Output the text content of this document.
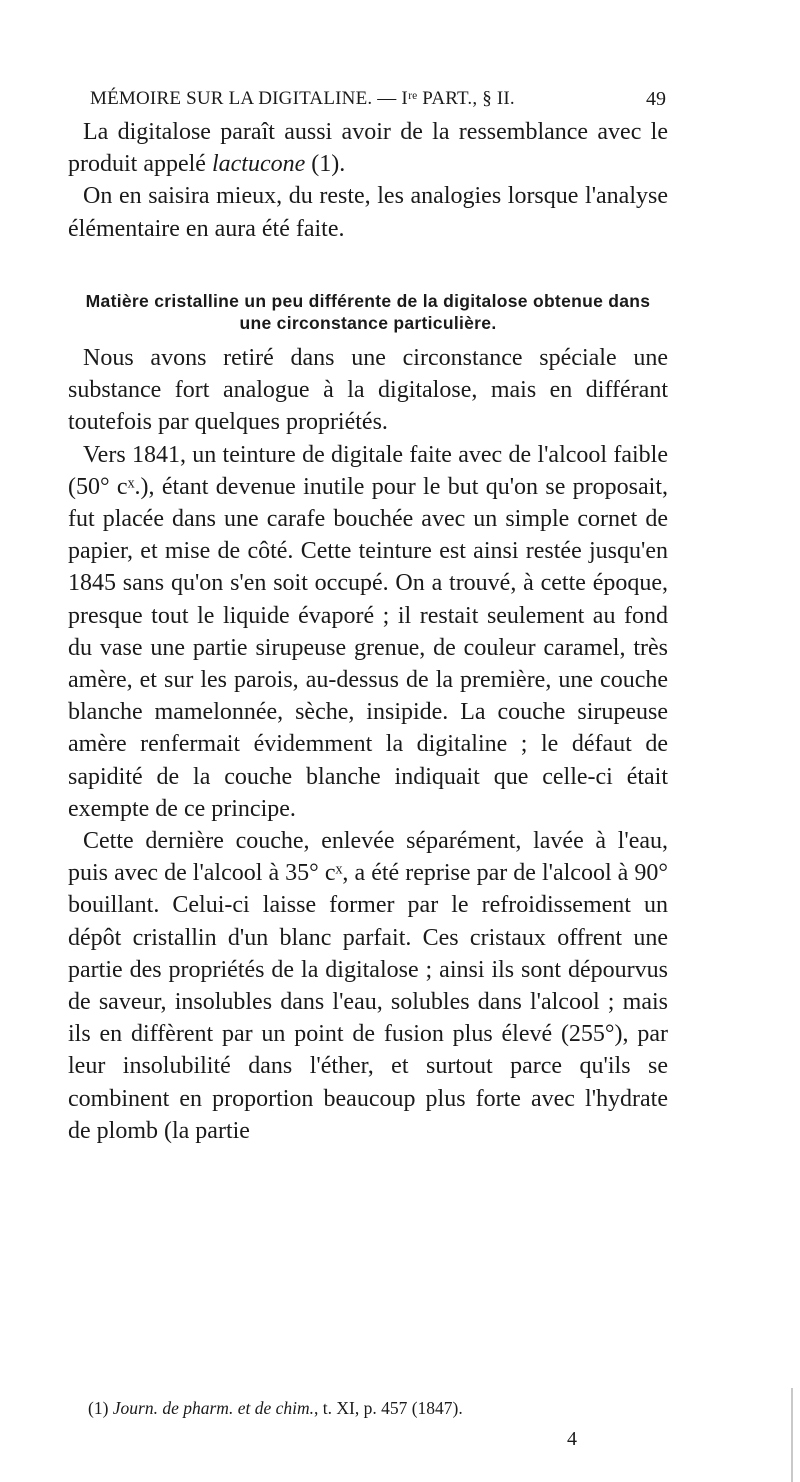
MÉMOIRE SUR LA DIGITALINE. — Iʳᵉ PART., § II.	49

La digitalose paraît aussi avoir de la ressemblance avec le produit appelé lactucone (1).

On en saisira mieux, du reste, les analogies lorsque l'analyse élémentaire en aura été faite.

Matière cristalline un peu différente de la digitalose obtenue dans une circonstance particulière.

Nous avons retiré dans une circonstance spéciale une substance fort analogue à la digitalose, mais en différant toutefois par quelques propriétés.

Vers 1841, un teinture de digitale faite avec de l'alcool faible (50° cˣ.), étant devenue inutile pour le but qu'on se proposait, fut placée dans une carafe bouchée avec un simple cornet de papier, et mise de côté. Cette teinture est ainsi restée jusqu'en 1845 sans qu'on s'en soit occupé. On a trouvé, à cette époque, presque tout le liquide évaporé ; il restait seulement au fond du vase une partie sirupeuse grenue, de couleur caramel, très amère, et sur les parois, au-dessus de la première, une couche blanche mamelonnée, sèche, insipide. La couche sirupeuse amère renfermait évidemment la digitaline ; le défaut de sapidité de la couche blanche indiquait que celle-ci était exempte de ce principe.

Cette dernière couche, enlevée séparément, lavée à l'eau, puis avec de l'alcool à 35° cˣ, a été reprise par de l'alcool à 90° bouillant. Celui-ci laisse former par le refroidissement un dépôt cristallin d'un blanc parfait. Ces cristaux offrent une partie des propriétés de la digitalose ; ainsi ils sont dépourvus de saveur, insolubles dans l'eau, solubles dans l'alcool ; mais ils en diffèrent par un point de fusion plus élevé (255°), par leur insolubilité dans l'éther, et surtout parce qu'ils se combinent en proportion beaucoup plus forte avec l'hydrate de plomb (la partie

(1) Journ. de pharm. et de chim., t. XI, p. 457 (1847).
4
